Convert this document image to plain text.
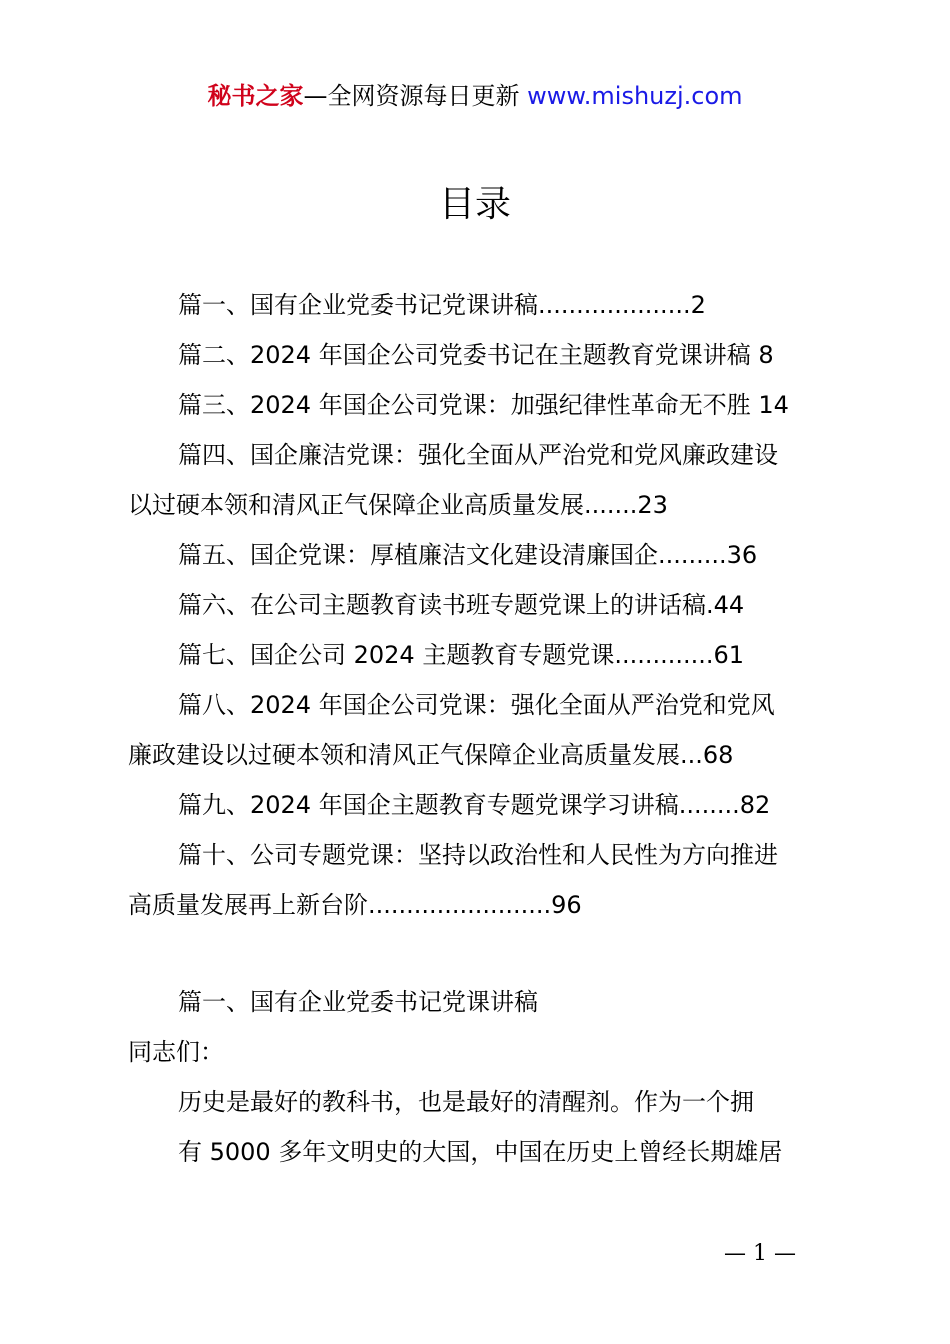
秘书之家—全网资源每日更新 www.mishuzj.com
目录
篇一、国有企业党委书记党课讲稿....................2
篇二、2024 年国企公司党委书记在主题教育党课讲稿 8
篇三、2024 年国企公司党课：加强纪律性革命无不胜 14
篇四、国企廉洁党课：强化全面从严治党和党风廉政建设
以过硬本领和清风正气保障企业高质量发展.......23
篇五、国企党课：厚植廉洁文化建设清廉国企.........36
篇六、在公司主题教育读书班专题党课上的讲话稿.44
篇七、国企公司 2024 主题教育专题党课.............61
篇八、2024 年国企公司党课：强化全面从严治党和党风
廉政建设以过硬本领和清风正气保障企业高质量发展...68
篇九、2024 年国企主题教育专题党课学习讲稿........82
篇十、公司专题党课：坚持以政治性和人民性为方向推进
高质量发展再上新台阶........................96
篇一、国有企业党委书记党课讲稿
同志们：
历史是最好的教科书，也是最好的清醒剂。作为一个拥
有 5000 多年文明史的大国，中国在历史上曾经长期雄居
— 1 —
